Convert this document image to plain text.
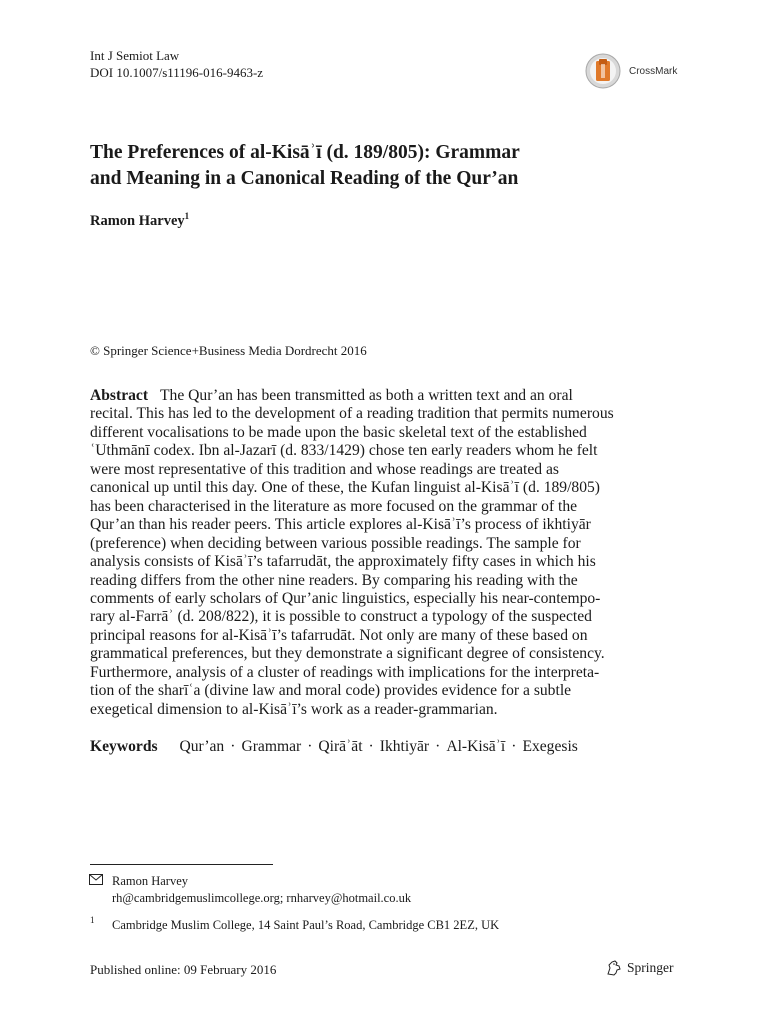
Int J Semiot Law
DOI 10.1007/s11196-016-9463-z	CrossMark
The Preferences of al-Kisāʾī (d. 189/805): Grammar
and Meaning in a Canonical Reading of the Qur’an
Ramon Harvey$^1$
© Springer Science+Business Media Dordrecht 2016
Abstract The Qur’an has been transmitted as both a written text and an oral
recital. This has led to the development of a reading tradition that permits numerous
different vocalisations to be made upon the basic skeletal text of the established
ʿUthmānī codex. Ibn al-Jazarī (d. 833/1429) chose ten early readers whom he felt
were most representative of this tradition and whose readings are treated as
canonical up until this day. One of these, the Kufan linguist al-Kisāʾī (d. 189/805)
has been characterised in the literature as more focused on the grammar of the
Qur’an than his reader peers. This article explores al-Kisāʾī’s process of ikhtiyār
(preference) when deciding between various possible readings. The sample for
analysis consists of Kisāʾī’s tafarrudāt, the approximately fifty cases in which his
reading differs from the other nine readers. By comparing his reading with the
comments of early scholars of Qur’anic linguistics, especially his near-contempo-
rary al-Farrāʾ (d. 208/822), it is possible to construct a typology of the suspected
principal reasons for al-Kisāʾī’s tafarrudāt. Not only are many of these based on
grammatical preferences, but they demonstrate a significant degree of consistency.
Furthermore, analysis of a cluster of readings with implications for the interpreta-
tion of the sharīʿa (divine law and moral code) provides evidence for a subtle
exegetical dimension to al-Kisāʾī’s work as a reader-grammarian.
Keywords Qur’an · Grammar · Qirāʾāt · Ikhtiyār · Al-Kisāʾī · Exegesis
Ramon Harvey
rh@cambridgemuslimcollege.org; rnharvey@hotmail.co.uk
1 Cambridge Muslim College, 14 Saint Paul’s Road, Cambridge CB1 2EZ, UK
Published online: 09 February 2016	Springer
